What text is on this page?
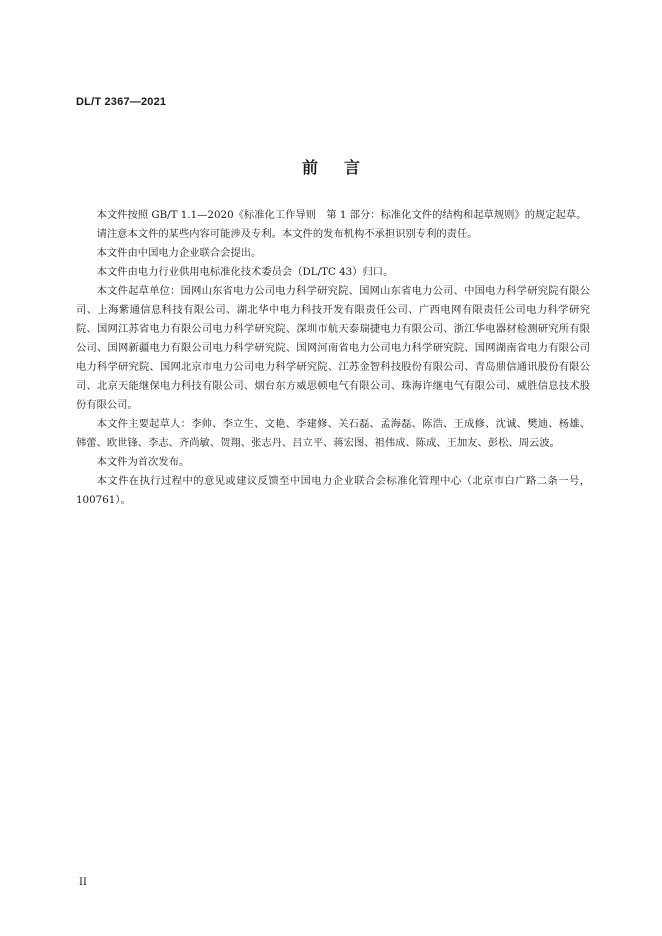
DL/T 2367—2021
前言

本文件按照 GB/T 1.1—2020《标准化工作导则　第 1 部分：标准化文件的结构和起草规则》的规定起草。

请注意本文件的某些内容可能涉及专利。本文件的发布机构不承担识别专利的责任。

本文件由中国电力企业联合会提出。

本文件由电力行业供用电标准化技术委员会（DL/TC 43）归口。

本文件起草单位：国网山东省电力公司电力科学研究院、国网山东省电力公司、中国电力科学研究院有限公司、上海紫通信息科技有限公司、湖北华中电力科技开发有限责任公司、广西电网有限责任公司电力科学研究院、国网江苏省电力有限公司电力科学研究院、深圳市航天泰瑞捷电力有限公司、浙江华电器材检测研究所有限公司、国网新疆电力有限公司电力科学研究院、国网河南省电力公司电力科学研究院、国网湖南省电力有限公司电力科学研究院、国网北京市电力公司电力科学研究院、江苏金智科技股份有限公司、青岛鼎信通讯股份有限公司、北京天能继保电力科技有限公司、烟台东方威思顿电气有限公司、珠海许继电气有限公司、威胜信息技术股份有限公司。

本文件主要起草人：李帅、李立生、文艳、李建修、关石磊、孟海磊、陈浩、王成修、沈诚、樊迪、杨雄、韩蕾、欧世锋、李志、齐尚敏、贺翔、张志丹、吕立平、蒋宏图、祖伟成、陈成、王加友、彭松、周云波。

本文件为首次发布。

本文件在执行过程中的意见或建议反馈至中国电力企业联合会标准化管理中心（北京市白广路二条一号，100761）。

II
